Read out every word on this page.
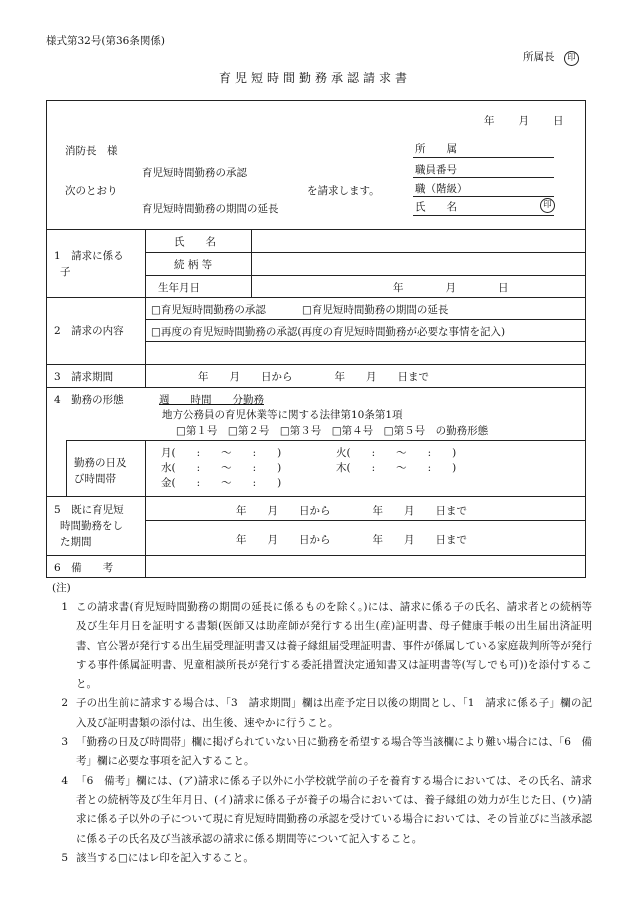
様式第32号(第36条関係)
所属長 印
育児短時間勤務承認請求書
年　　月　　日
消防長　様
育児短時間勤務の承認
次のとおり	を請求します。
育児短時間勤務の期間の延長
所　　属
職員番号
職（階級）
氏　　名	印
1　請求に係る
子
氏　　名
続 柄 等
生年月日	年　　　　月　　　　日
2　請求の内容
□育児短時間勤務の承認	□育児短時間勤務の期間の延長
□再度の育児短時間勤務の承認(再度の育児短時間勤務が必要な事情を記入)
3　請求期間	年　　月　　日から　　　　年　　月　　日まで
4　勤務の形態	週　　時間　　分勤務
地方公務員の育児休業等に関する法律第10条第1項
□第１号　□第２号　□第３号　□第４号　□第５号　の勤務形態
勤務の日及
び時間帯
月(　　:　　～　　:　　)	火(　　:　　～　　:　　)
水(　　:　　～　　:　　)	木(　　:　　～　　:　　)
金(　　:　　～　　:　　)
5　既に育児短
時間勤務をし
た期間
年　　月　　日から　　　　年　　月　　日まで
年　　月　　日から　　　　年　　月　　日まで
6　備　　考
(注)
1 この請求書(育児短時間勤務の期間の延長に係るものを除く。)には、請求に係る子の氏名、請求者との続柄等及び生年月日を証明する書類(医師又は助産師が発行する出生(産)証明書、母子健康手帳の出生届出済証明書、官公署が発行する出生届受理証明書又は養子縁組届受理証明書、事件が係属している家庭裁判所等が発行する事件係属証明書、児童相談所長が発行する委託措置決定通知書又は証明書等(写しでも可))を添付すること。
2 子の出生前に請求する場合は、「3　請求期間」欄は出産予定日以後の期間とし、「1　請求に係る子」欄の記入及び証明書類の添付は、出生後、速やかに行うこと。
3 「勤務の日及び時間帯」欄に掲げられていない日に勤務を希望する場合等当該欄により難い場合には、「6　備考」欄に必要な事項を記入すること。
4 「6　備考」欄には、(ア)請求に係る子以外に小学校就学前の子を養育する場合においては、その氏名、請求者との続柄等及び生年月日、(イ)請求に係る子が養子の場合においては、養子縁組の効力が生じた日、(ウ)請求に係る子以外の子について現に育児短時間勤務の承認を受けている場合においては、その旨並びに当該承認に係る子の氏名及び当該承認の請求に係る期間等について記入すること。
5 該当する□にはレ印を記入すること。
